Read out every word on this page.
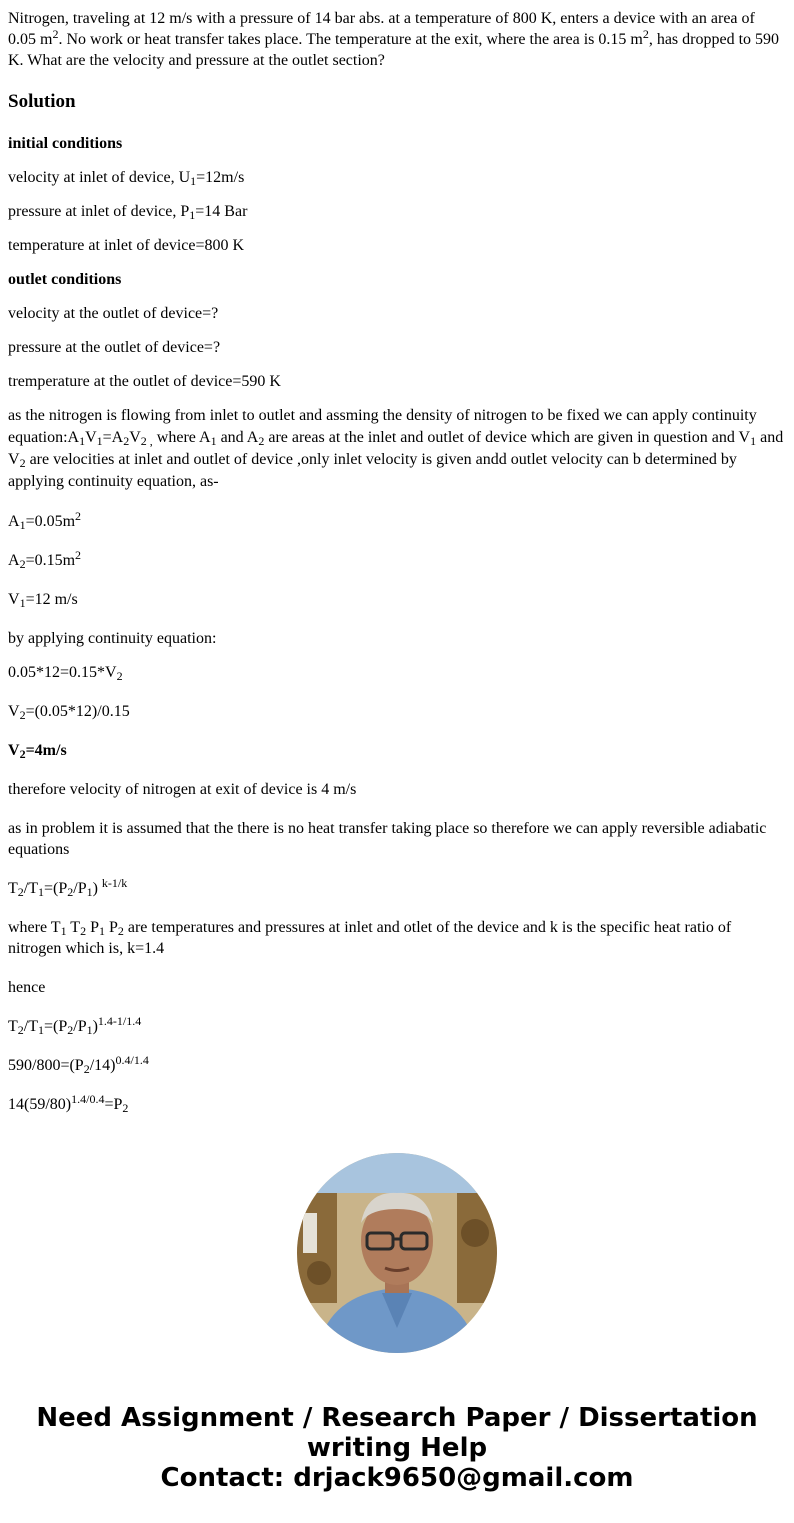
Nitrogen, traveling at 12 m/s with a pressure of 14 bar abs. at a temperature of 800 K, enters a device with an area of 0.05 $m^2$. No work or heat transfer takes place. The temperature at the exit, where the area is 0.15 $m^2$, has dropped to 590 K. What are the velocity and pressure at the outlet section?

Solution

initial conditions

velocity at inlet of device, $U_1=12m/s$

pressure at inlet of device, $P_1=14$ Bar

temperature at inlet of device=800 K

outlet conditions

velocity at the outlet of device=?

pressure at the outlet of device=?

tremperature at the outlet of device=590 K

as the nitrogen is flowing from inlet to outlet and assming the density of nitrogen to be fixed we can apply continuity $equation:A_1V_1=A_2V_{2 ,}$ where $A_1$ and $A_2$ are areas at the inlet and outlet of device which are given in question and $V_1$ and $V_2$ are velocities at inlet and outlet of device ,only inlet velocity is given andd outlet velocity can b determined by applying continuity equation, as-

$A_1=0.05m^2$

$A_2=0.15m^2$

$V_1=12$ m/s

by applying continuity equation:

$0.05*12=0.15*V_2$

$V_2=(0.05*12)/0.15$

$V_2=4m/s$

therefore velocity of nitrogen at exit of device is 4 m/s

as in problem it is assumed that the there is no heat transfer taking place so therefore we can apply reversible adiabatic equations

$T_2/T_1=(P_2/P_1)$ $^{k-1/k}$

where $T_1$ $T_2$ $P_1$ $P_2$ are temperatures and pressures at inlet and otlet of the device and k is the specific heat ratio of nitrogen which is, k=1.4

hence

$T_2/T_1=(P_2/P_1)^{1.4-1/1.4}$

$590/800=(P_2/14)^{0.4/1.4}$

$14(59/80)^{1.4/0.4}=P_2$

Need Assignment / Research Paper / Dissertation
writing Help
Contact: drjack9650@gmail.com
